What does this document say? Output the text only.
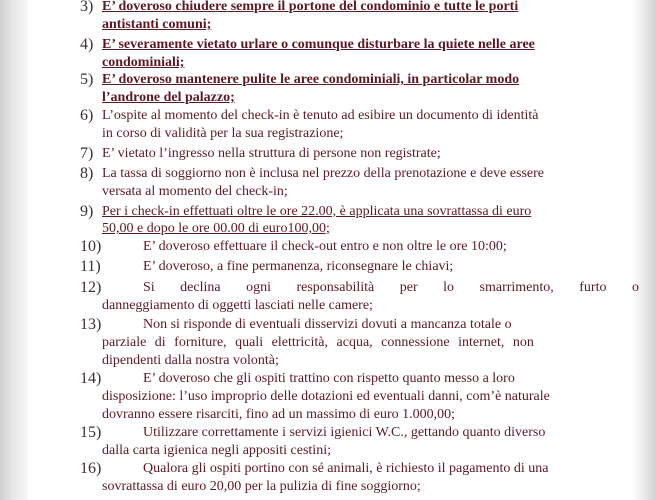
3) E’ doveroso chiudere sempre il portone del condominio e tutte le porti
antistanti comuni;
4) E’ severamente vietato urlare o comunque disturbare la quiete nelle aree
condominiali;
5) E’ doveroso mantenere pulite le aree condominiali, in particolar modo
l’androne del palazzo;
6) L’ospite al momento del check-in è tenuto ad esibire un documento di identità
in corso di validità per la sua registrazione;
7) E’ vietato l’ingresso nella struttura di persone non registrate;
8) La tassa di soggiorno non è inclusa nel prezzo della prenotazione e deve essere
versata al momento del check-in;
9) Per i check-in effettuati oltre le ore 22.00, è applicata una sovrattassa di euro
50,00 e dopo le ore 00.00 di euro100,00;
10)	E’ doveroso effettuare il check-out entro e non oltre le ore 10:00;
11)	E’ doveroso, a fine permanenza, riconsegnare le chiavi;
12)	Si declina ogni responsabilità per lo smarrimento, furto o
danneggiamento di oggetti lasciati nelle camere;
13)	Non si risponde di eventuali disservizi dovuti a mancanza totale o
parziale di forniture, quali elettricità, acqua, connessione internet, non
dipendenti dalla nostra volontà;
14)	E’ doveroso che gli ospiti trattino con rispetto quanto messo a loro
disposizione: l’uso improprio delle dotazioni ed eventuali danni, com’è naturale
dovranno essere risarciti, fino ad un massimo di euro 1.000,00;
15)	Utilizzare correttamente i servizi igienici W.C., gettando quanto diverso
dalla carta igienica negli appositi cestini;
16)	Qualora gli ospiti portino con sé animali, è richiesto il pagamento di una
sovrattassa di euro 20,00 per la pulizia di fine soggiorno;
